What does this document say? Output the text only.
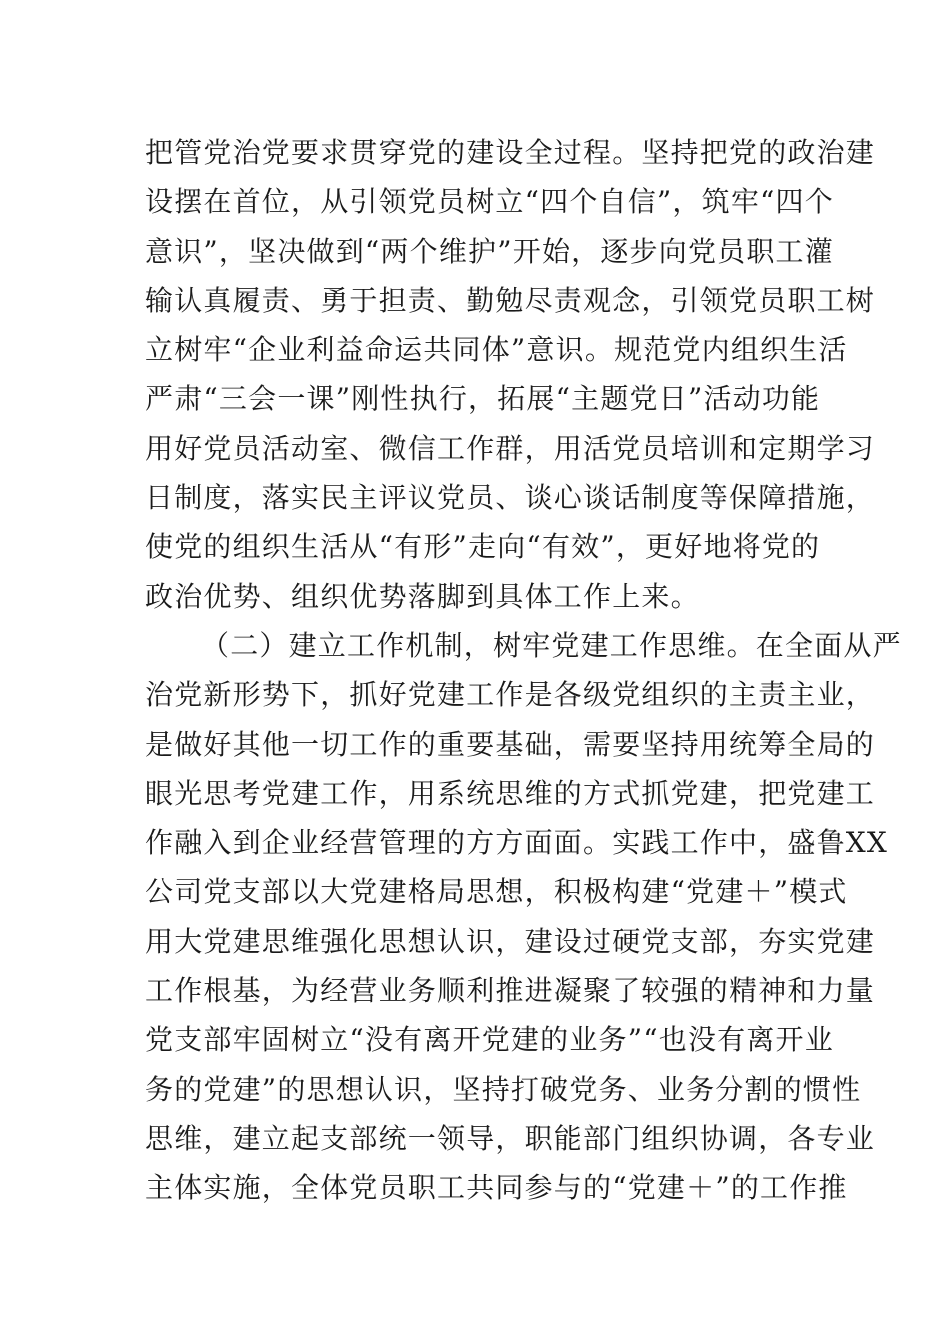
把管党治党要求贯穿党的建设全过程。坚持把党的政治建
设摆在首位，从引领党员树立“四个自信”，筑牢“四个
意识”，坚决做到“两个维护”开始，逐步向党员职工灌
输认真履责、勇于担责、勤勉尽责观念，引领党员职工树
立树牢“企业利益命运共同体”意识。规范党内组织生活
严肃“三会一课”刚性执行，拓展“主题党日”活动功能
用好党员活动室、微信工作群，用活党员培训和定期学习
日制度，落实民主评议党员、谈心谈话制度等保障措施，
使党的组织生活从“有形”走向“有效”，更好地将党的
政治优势、组织优势落脚到具体工作上来。
（二）建立工作机制，树牢党建工作思维。在全面从严
治党新形势下，抓好党建工作是各级党组织的主责主业，
是做好其他一切工作的重要基础，需要坚持用统筹全局的
眼光思考党建工作，用系统思维的方式抓党建，把党建工
作融入到企业经营管理的方方面面。实践工作中，盛鲁XX
公司党支部以大党建格局思想，积极构建“党建＋”模式
用大党建思维强化思想认识，建设过硬党支部，夯实党建
工作根基，为经营业务顺利推进凝聚了较强的精神和力量
党支部牢固树立“没有离开党建的业务”“也没有离开业
务的党建”的思想认识，坚持打破党务、业务分割的惯性
思维，建立起支部统一领导，职能部门组织协调，各专业
主体实施，全体党员职工共同参与的“党建＋”的工作推
